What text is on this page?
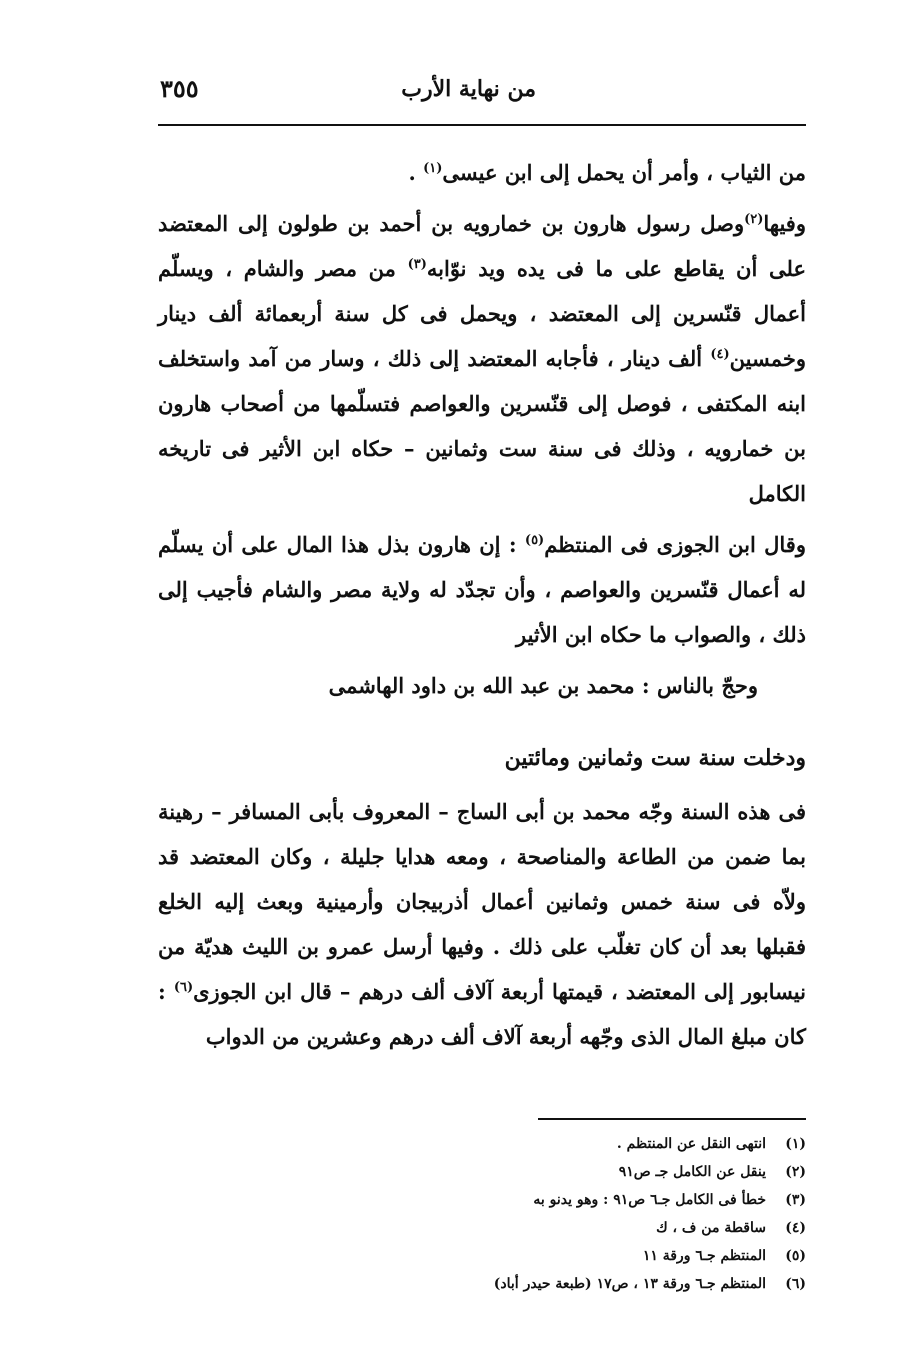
من نهاية الأرب
٣٥٥

من الثياب ، وأمر أن يحمل إلى ابن عيسى$^{(١)}$ .

وفيها$^{(٢)}$وصل رسول هارون بن خمارويه بن أحمد بن طولون إلى المعتضد على أن يقاطع على ما فى يده ويد نوّابه$^{(٣)}$ من مصر والشام ، ويسلّم أعمال قنّسرين إلى المعتضد ، ويحمل فى كل سنة أربعمائة ألف دينار وخمسين$^{(٤)}$ ألف دينار ، فأجابه المعتضد إلى ذلك ، وسار من آمد واستخلف ابنه المكتفى ، فوصل إلى قنّسرين والعواصم فتسلّمها من أصحاب هارون بن خمارويه ، وذلك فى سنة ست وثمانين – حكاه ابن الأثير فى تاريخه الكامل

وقال ابن الجوزى فى المنتظم$^{(٥)}$ : إن هارون بذل هذا المال على أن يسلّم له أعمال قنّسرين والعواصم ، وأن تجدّد له ولاية مصر والشام فأجيب إلى ذلك ، والصواب ما حكاه ابن الأثير

وحجّ بالناس : محمد بن عبد الله بن داود الهاشمى

ودخلت سنة ست وثمانين ومائتين

فى هذه السنة وجّه محمد بن أبى الساج – المعروف بأبى المسافر – رهينة بما ضمن من الطاعة والمناصحة ، ومعه هدايا جليلة ، وكان المعتضد قد ولاّه فى سنة خمس وثمانين أعمال أذربيجان وأرمينية وبعث إليه الخلع فقبلها بعد أن كان تغلّب على ذلك . وفيها أرسل عمرو بن الليث هديّة من نيسابور إلى المعتضد ، قيمتها أربعة آلاف ألف درهم – قال ابن الجوزى$^{(٦)}$ : كان مبلغ المال الذى وجّهه أربعة آلاف ألف درهم وعشرين من الدواب

(١)
انتهى النقل عن المنتظم .
(٢)
ينقل عن الكامل جـ ص٩١
(٣)
خطأ فى الكامل جـ٦ ص٩١ : وهو يدنو به
(٤)
ساقطة من ف ، ك
(٥)
المنتظم جـ٦ ورقة ١١
(٦)
المنتظم جـ٦ ورقة ١٣ ، ص١٧ (طبعة حيدر أباد)
